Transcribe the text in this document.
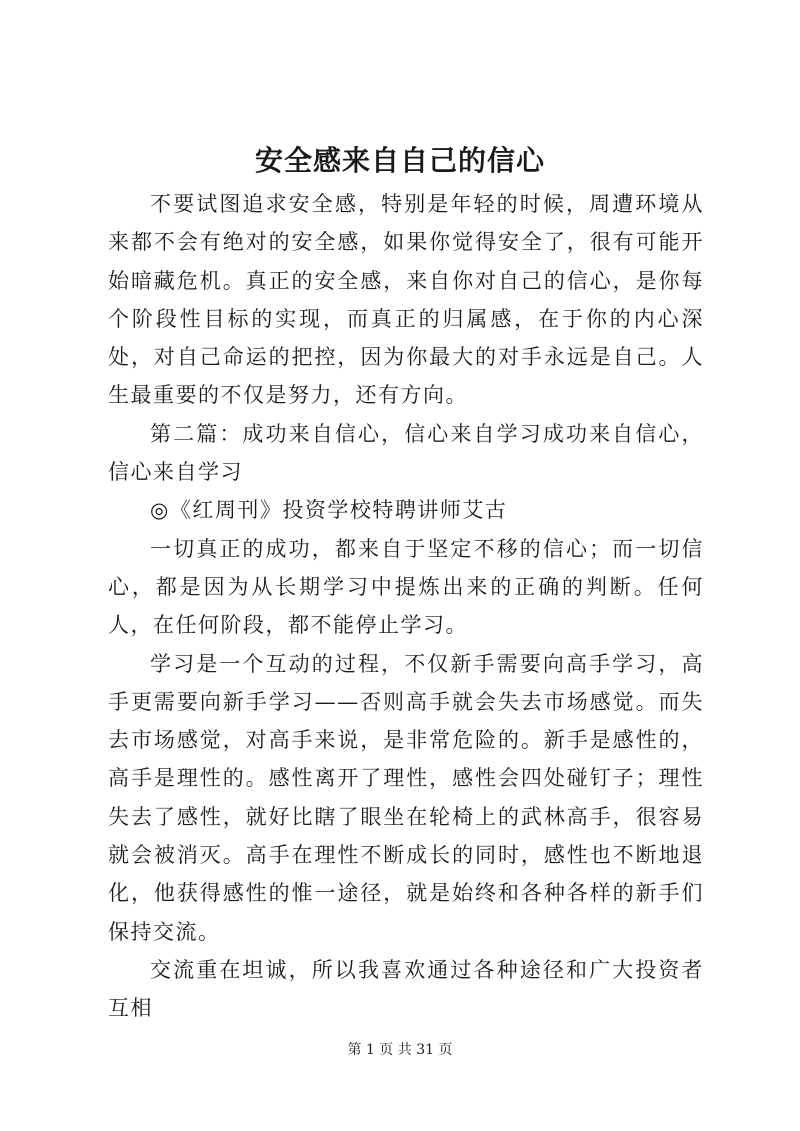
安全感来自自己的信心

不要试图追求安全感，特别是年轻的时候，周遭环境从来都不会有绝对的安全感，如果你觉得安全了，很有可能开始暗藏危机。真正的安全感，来自你对自己的信心，是你每个阶段性目标的实现，而真正的归属感，在于你的内心深处，对自己命运的把控，因为你最大的对手永远是自己。人生最重要的不仅是努力，还有方向。

第二篇：成功来自信心，信心来自学习成功来自信心，信心来自学习

◎《红周刊》投资学校特聘讲师艾古

一切真正的成功，都来自于坚定不移的信心；而一切信心，都是因为从长期学习中提炼出来的正确的判断。任何人，在任何阶段，都不能停止学习。

学习是一个互动的过程，不仅新手需要向高手学习，高手更需要向新手学习——否则高手就会失去市场感觉。而失去市场感觉，对高手来说，是非常危险的。新手是感性的，高手是理性的。感性离开了理性，感性会四处碰钉子；理性失去了感性，就好比瞎了眼坐在轮椅上的武林高手，很容易就会被消灭。高手在理性不断成长的同时，感性也不断地退化，他获得感性的惟一途径，就是始终和各种各样的新手们保持交流。

交流重在坦诚，所以我喜欢通过各种途径和广大投资者互相

第 1 页 共 31 页
